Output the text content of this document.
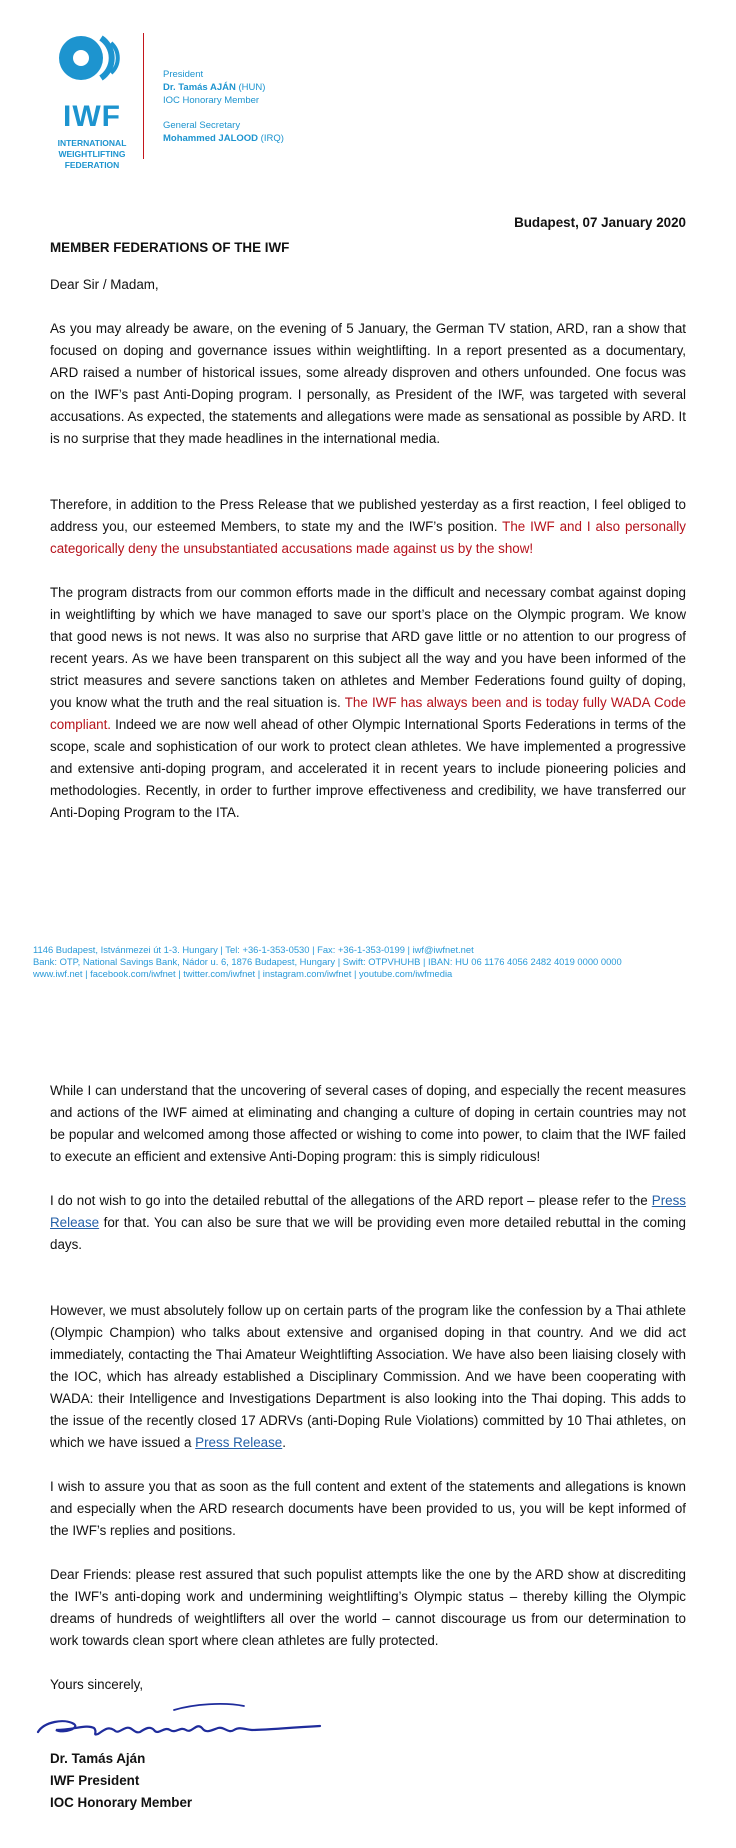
IWF
INTERNATIONAL
WEIGHTLIFTING
FEDERATION
President
Dr. Tamás AJÁN (HUN)
IOC Honorary Member
General Secretary
Mohammed JALOOD (IRQ)
Budapest, 07 January 2020
MEMBER FEDERATIONS OF THE IWF
Dear Sir / Madam,
As you may already be aware, on the evening of 5 January, the German TV station, ARD, ran a show that focused on doping and governance issues within weightlifting. In a report presented as a documentary, ARD raised a number of historical issues, some already disproven and others unfounded. One focus was on the IWF’s past Anti-Doping program. I personally, as President of the IWF, was targeted with several accusations. As expected, the statements and allegations were made as sensational as possible by ARD. It is no surprise that they made headlines in the international media.
Therefore, in addition to the Press Release that we published yesterday as a first reaction, I feel obliged to address you, our esteemed Members, to state my and the IWF’s position. The IWF and I also personally categorically deny the unsubstantiated accusations made against us by the show!
The program distracts from our common efforts made in the difficult and necessary combat against doping in weightlifting by which we have managed to save our sport’s place on the Olympic program. We know that good news is not news. It was also no surprise that ARD gave little or no attention to our progress of recent years. As we have been transparent on this subject all the way and you have been informed of the strict measures and severe sanctions taken on athletes and Member Federations found guilty of doping, you know what the truth and the real situation is. The IWF has always been and is today fully WADA Code compliant. Indeed we are now well ahead of other Olympic International Sports Federations in terms of the scope, scale and sophistication of our work to protect clean athletes. We have implemented a progressive and extensive anti-doping program, and accelerated it in recent years to include pioneering policies and methodologies. Recently, in order to further improve effectiveness and credibility, we have transferred our Anti-Doping Program to the ITA.
1146 Budapest, Istvánmezei út 1-3. Hungary | Tel: +36-1-353-0530 | Fax: +36-1-353-0199 | iwf@iwfnet.net
Bank: OTP, National Savings Bank, Nádor u. 6, 1876 Budapest, Hungary | Swift: OTPVHUHB | IBAN: HU 06 1176 4056 2482 4019 0000 0000
www.iwf.net | facebook.com/iwfnet | twitter.com/iwfnet | instagram.com/iwfnet | youtube.com/iwfmedia
While I can understand that the uncovering of several cases of doping, and especially the recent measures and actions of the IWF aimed at eliminating and changing a culture of doping in certain countries may not be popular and welcomed among those affected or wishing to come into power, to claim that the IWF failed to execute an efficient and extensive Anti-Doping program: this is simply ridiculous!
I do not wish to go into the detailed rebuttal of the allegations of the ARD report – please refer to the Press Release for that. You can also be sure that we will be providing even more detailed rebuttal in the coming days.
However, we must absolutely follow up on certain parts of the program like the confession by a Thai athlete (Olympic Champion) who talks about extensive and organised doping in that country. And we did act immediately, contacting the Thai Amateur Weightlifting Association. We have also been liaising closely with the IOC, which has already established a Disciplinary Commission. And we have been cooperating with WADA: their Intelligence and Investigations Department is also looking into the Thai doping. This adds to the issue of the recently closed 17 ADRVs (anti-Doping Rule Violations) committed by 10 Thai athletes, on which we have issued a Press Release.
I wish to assure you that as soon as the full content and extent of the statements and allegations is known and especially when the ARD research documents have been provided to us, you will be kept informed of the IWF’s replies and positions.
Dear Friends: please rest assured that such populist attempts like the one by the ARD show at discrediting the IWF’s anti-doping work and undermining weightlifting’s Olympic status – thereby killing the Olympic dreams of hundreds of weightlifters all over the world – cannot discourage us from our determination to work towards clean sport where clean athletes are fully protected.
Yours sincerely,
Dr. Tamás Aján
IWF President
IOC Honorary Member
